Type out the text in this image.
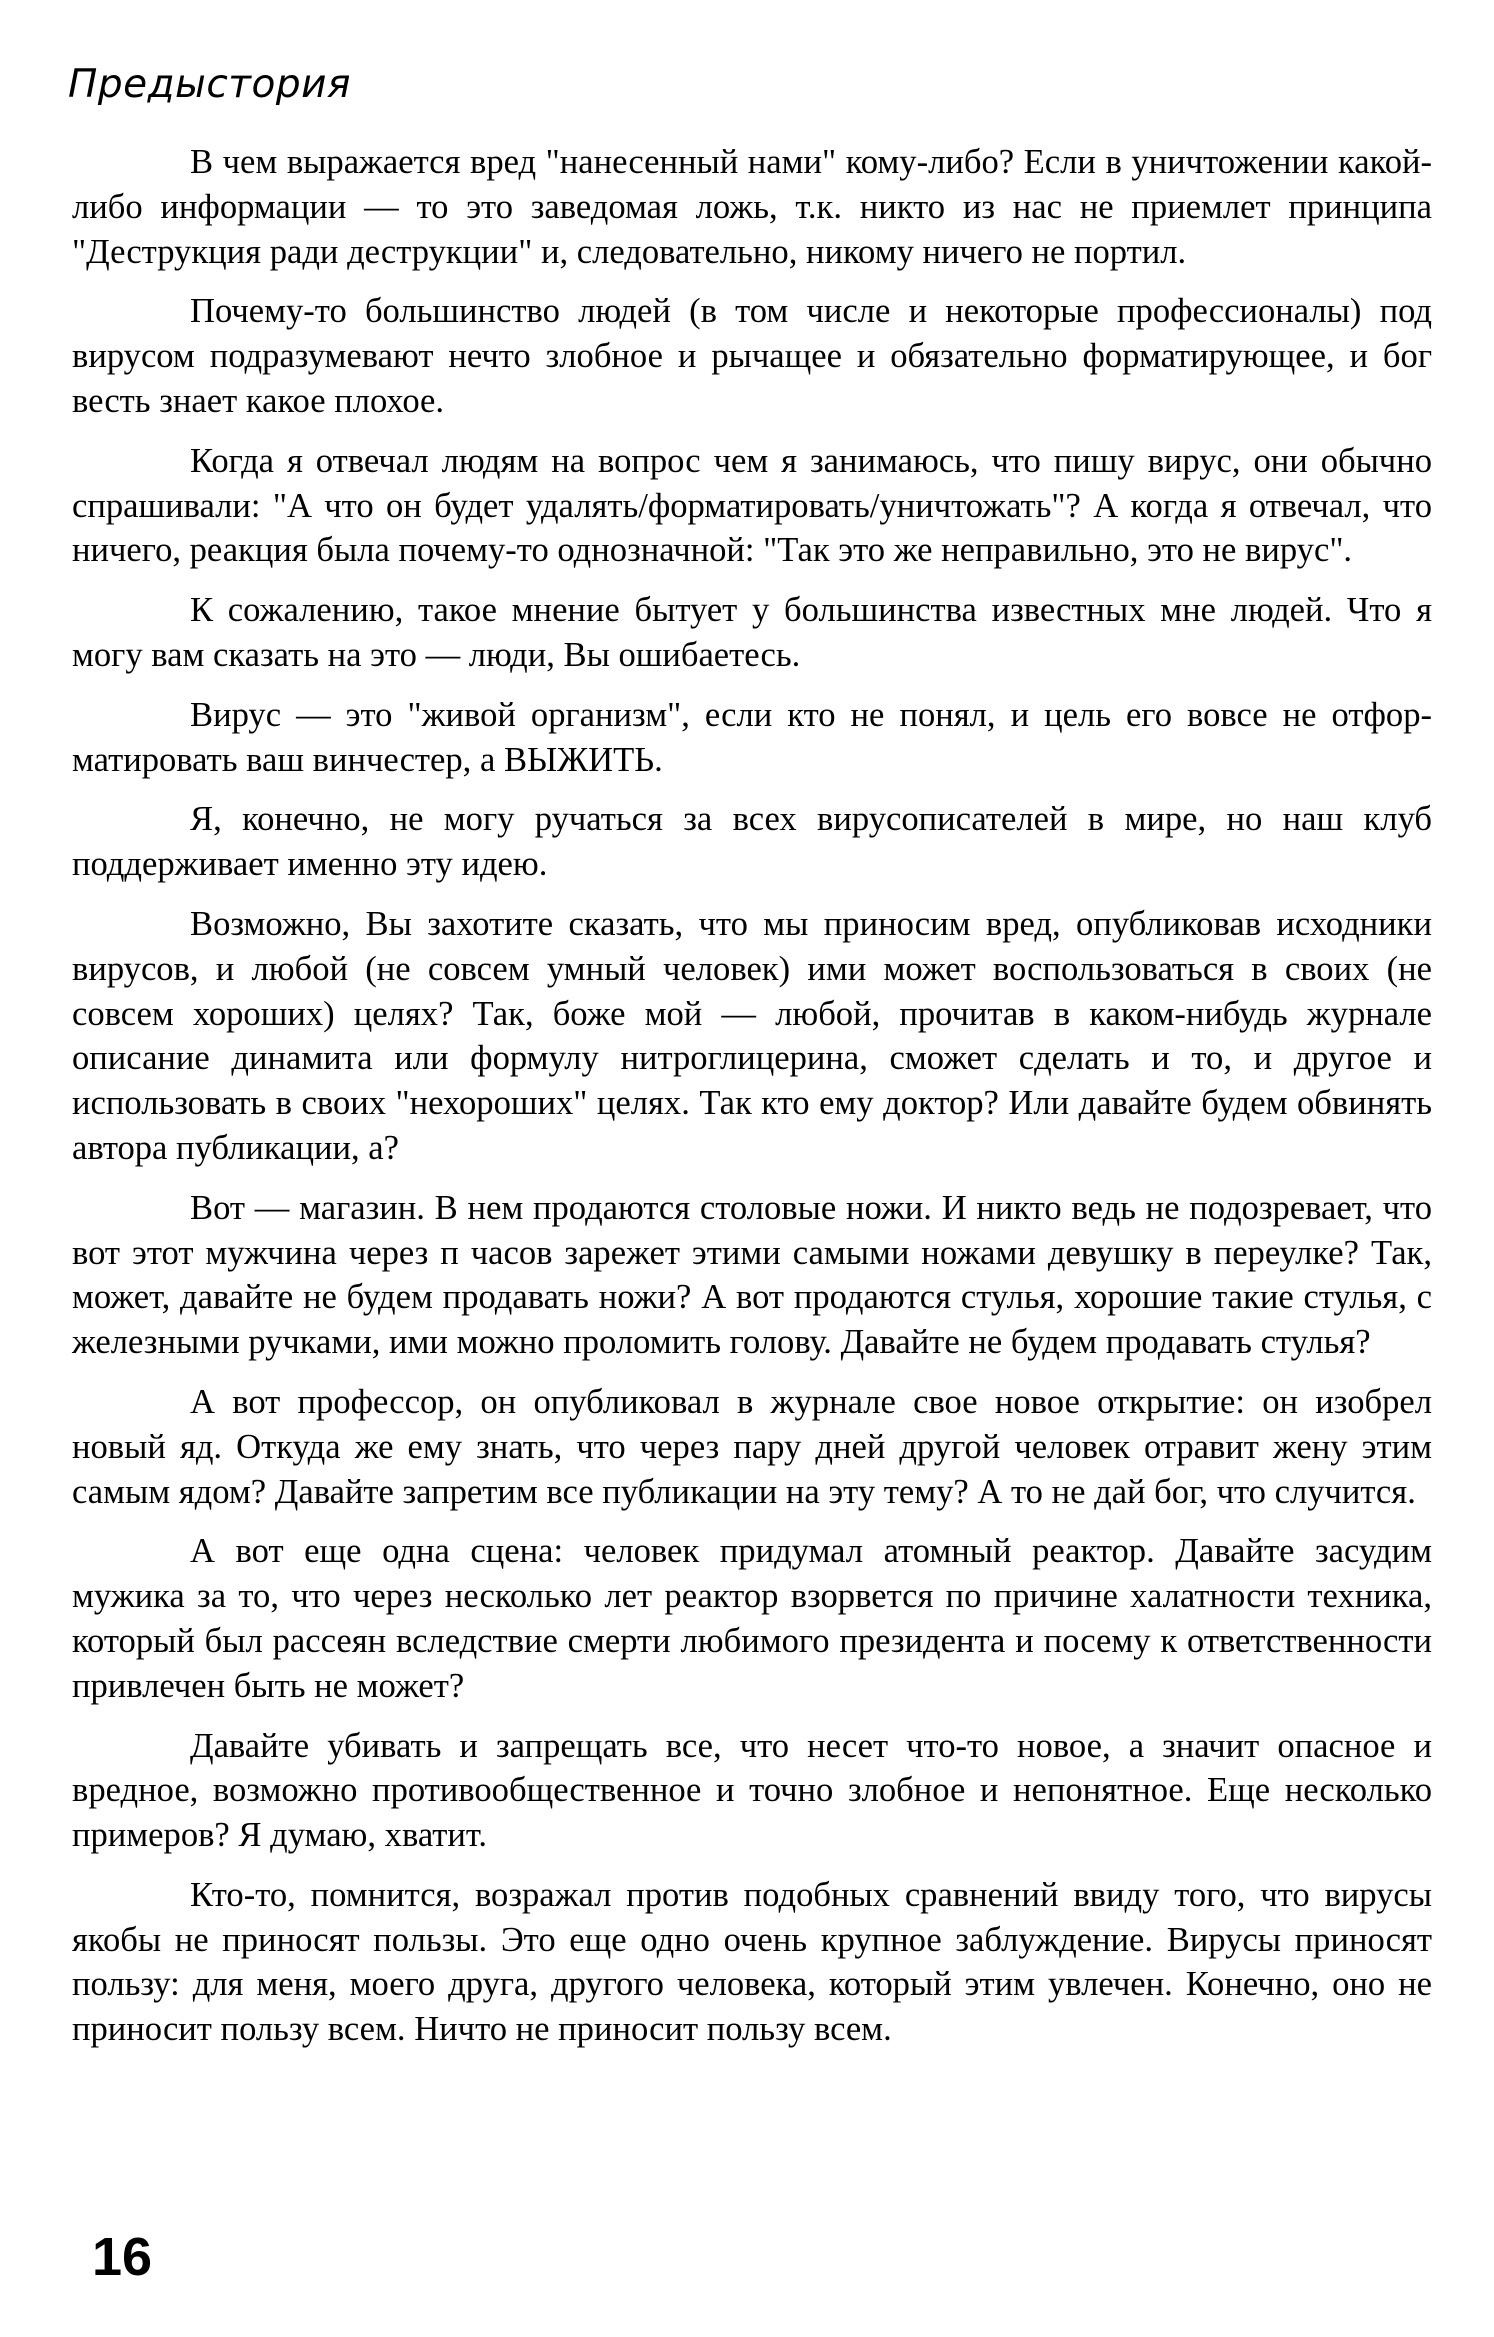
Предыстория

В чем выражается вред "нанесенный нами" кому-либо? Если в уничтожении какой-либо информации — то это заведомая ложь, т.к. никто из нас не приемлет принципа "Деструкция ради деструкции" и, следовательно, никому ничего не портил.

Почему-то большинство людей (в том числе и некоторые профессионалы) под вирусом подразумевают нечто злобное и рычащее и обязательно форматирующее, и бог весть знает какое плохое.

Когда я отвечал людям на вопрос чем я занимаюсь, что пишу вирус, они обычно спрашивали: "А что он будет удалять/форматировать/уничтожать"? А когда я отвечал, что ничего, реакция была почему-то однозначной: "Так это же неправильно, это не вирус".

К сожалению, такое мнение бытует у большинства известных мне людей. Что я могу вам сказать на это — люди, Вы ошибаетесь.

Вирус — это "живой организм", если кто не понял, и цель его вовсе не отформатировать ваш винчестер, а ВЫЖИТЬ.

Я, конечно, не могу ручаться за всех вирусописателей в мире, но наш клуб поддерживает именно эту идею.

Возможно, Вы захотите сказать, что мы приносим вред, опубликовав исходники вирусов, и любой (не совсем умный человек) ими может воспользоваться в своих (не совсем хороших) целях? Так, боже мой — любой, прочитав в каком-нибудь журнале описание динамита или формулу нитроглицерина, сможет сделать и то, и другое и использовать в своих "нехороших" целях. Так кто ему доктор? Или давайте будем обвинять автора публикации, а?

Вот — магазин. В нем продаются столовые ножи. И никто ведь не подозревает, что вот этот мужчина через п часов зарежет этими самыми ножами девушку в переулке? Так, может, давайте не будем продавать ножи? А вот продаются стулья, хорошие такие стулья, с железными ручками, ими можно проломить голову. Давайте не будем продавать стулья?

А вот профессор, он опубликовал в журнале свое новое открытие: он изобрел новый яд. Откуда же ему знать, что через пару дней другой человек отравит жену этим самым ядом? Давайте запретим все публикации на эту тему? А то не дай бог, что случится.

А вот еще одна сцена: человек придумал атомный реактор. Давайте засудим мужика за то, что через несколько лет реактор взорвется по причине халатности техника, который был рассеян вследствие смерти любимого президента и посему к ответственности привлечен быть не может?

Давайте убивать и запрещать все, что несет что-то новое, а значит опасное и вредное, возможно противообщественное и точно злобное и непонятное. Еще несколько примеров? Я думаю, хватит.

Кто-то, помнится, возражал против подобных сравнений ввиду того, что вирусы якобы не приносят пользы. Это еще одно очень крупное заблуждение. Вирусы приносят пользу: для меня, моего друга, другого человека, который этим увлечен. Конечно, оно не приносит пользу всем. Ничто не приносит пользу всем.

16
